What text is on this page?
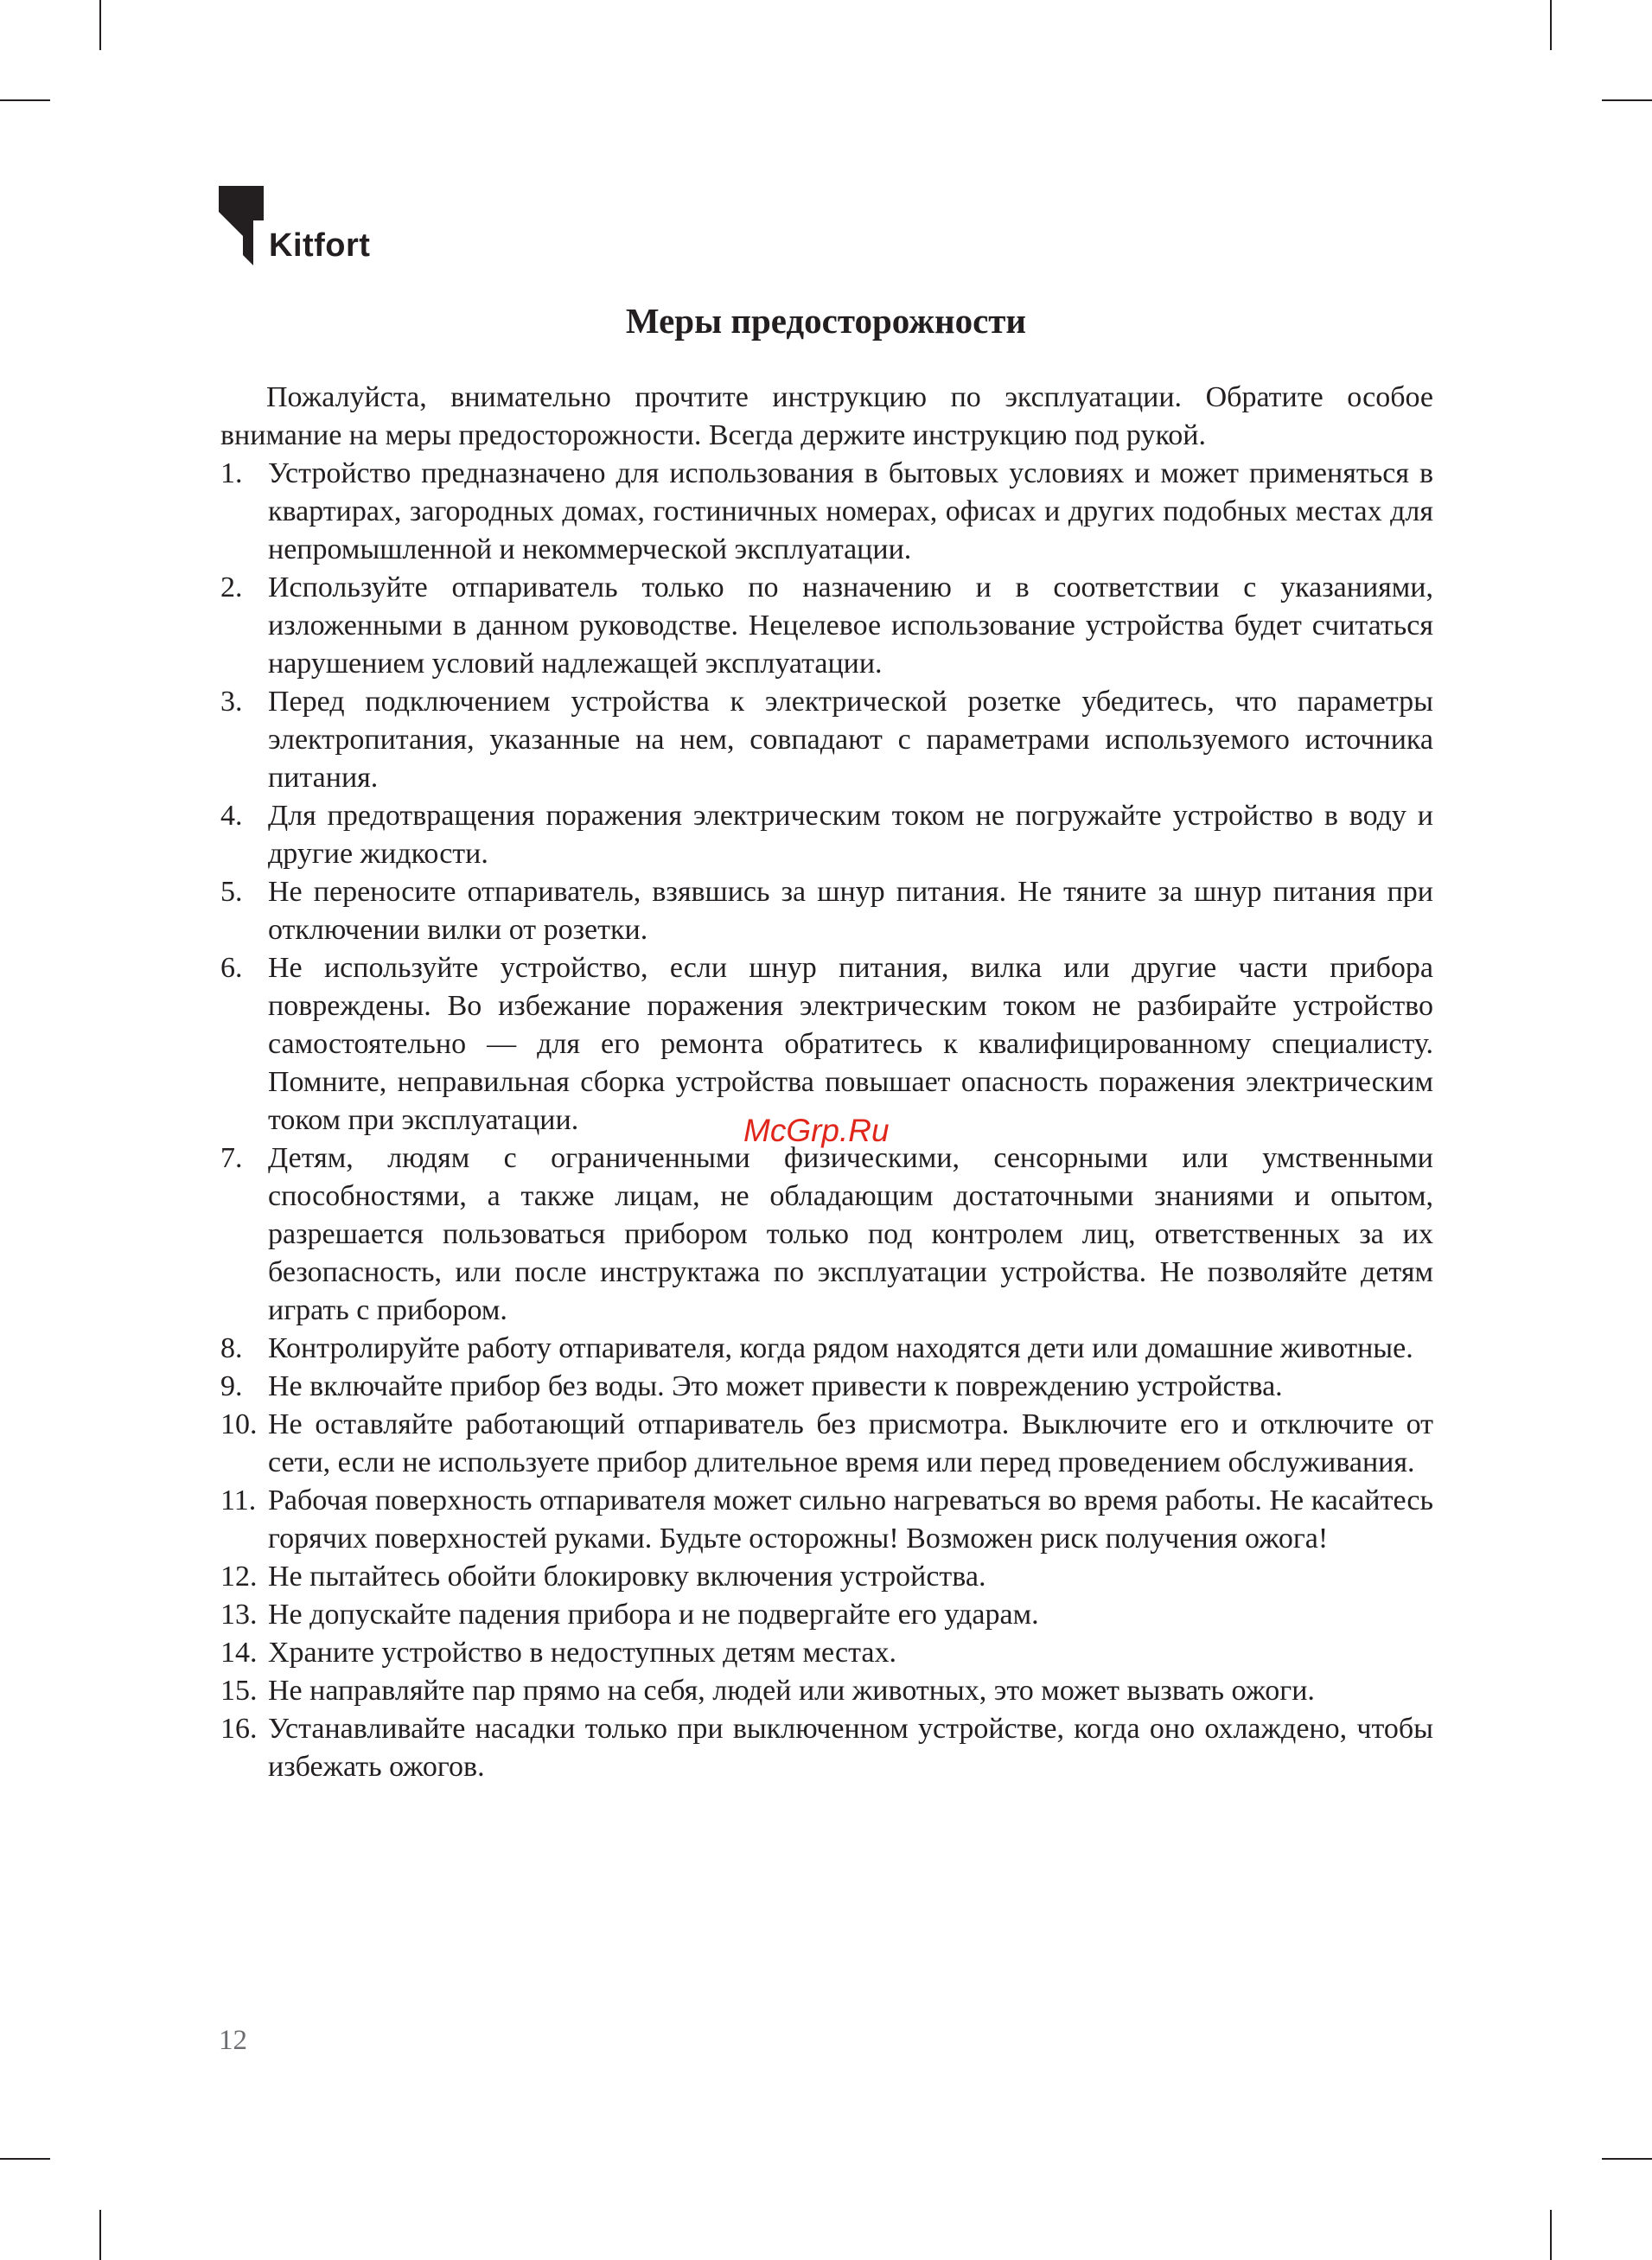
Kitfort
Меры предосторожности

Пожалуйста, внимательно прочтите инструкцию по эксплуатации. Обратите особое внимание на меры предосторожности. Всегда держите инструкцию под рукой.

1. Устройство предназначено для использования в бытовых условиях и может применяться в квартирах, загородных домах, гостиничных номерах, офисах и других подобных местах для непромышленной и некоммерческой эксплуатации.
2. Используйте отпариватель только по назначению и в соответствии с указаниями, изложенными в данном руководстве. Нецелевое использование устройства будет считаться нарушением условий надлежащей эксплуатации.
3. Перед подключением устройства к электрической розетке убедитесь, что параметры электропитания, указанные на нем, совпадают с параметрами используемого источника питания.
4. Для предотвращения поражения электрическим током не погружайте устройство в воду и другие жидкости.
5. Не переносите отпариватель, взявшись за шнур питания. Не тяните за шнур питания при отключении вилки от розетки.
6. Не используйте устройство, если шнур питания, вилка или другие части прибора повреждены. Во избежание поражения электрическим током не разбирайте устройство самостоятельно — для его ремонта обратитесь к квалифицированному специалисту. Помните, неправильная сборка устройства повышает опасность поражения электрическим током при эксплуатации.
7. Детям, людям с ограниченными физическими, сенсорными или умственными способностями, а также лицам, не обладающим достаточными знаниями и опытом, разрешается пользоваться прибором только под контролем лиц, ответственных за их безопасность, или после инструктажа по эксплуатации устройства. Не позволяйте детям играть с прибором.
8. Контролируйте работу отпаривателя, когда рядом находятся дети или домашние животные.
9. Не включайте прибор без воды. Это может привести к повреждению устройства.
10. Не оставляйте работающий отпариватель без присмотра. Выключите его и отключите от сети, если не используете прибор длительное время или перед проведением обслуживания.
11. Рабочая поверхность отпаривателя может сильно нагреваться во время работы. Не касайтесь горячих поверхностей руками. Будьте осторожны! Возможен риск получения ожога!
12. Не пытайтесь обойти блокировку включения устройства.
13. Не допускайте падения прибора и не подвергайте его ударам.
14. Храните устройство в недоступных детям местах.
15. Не направляйте пар прямо на себя, людей или животных, это может вызвать ожоги.
16. Устанавливайте насадки только при выключенном устройстве, когда оно охлаждено, чтобы избежать ожогов.
McGrp.Ru
12
